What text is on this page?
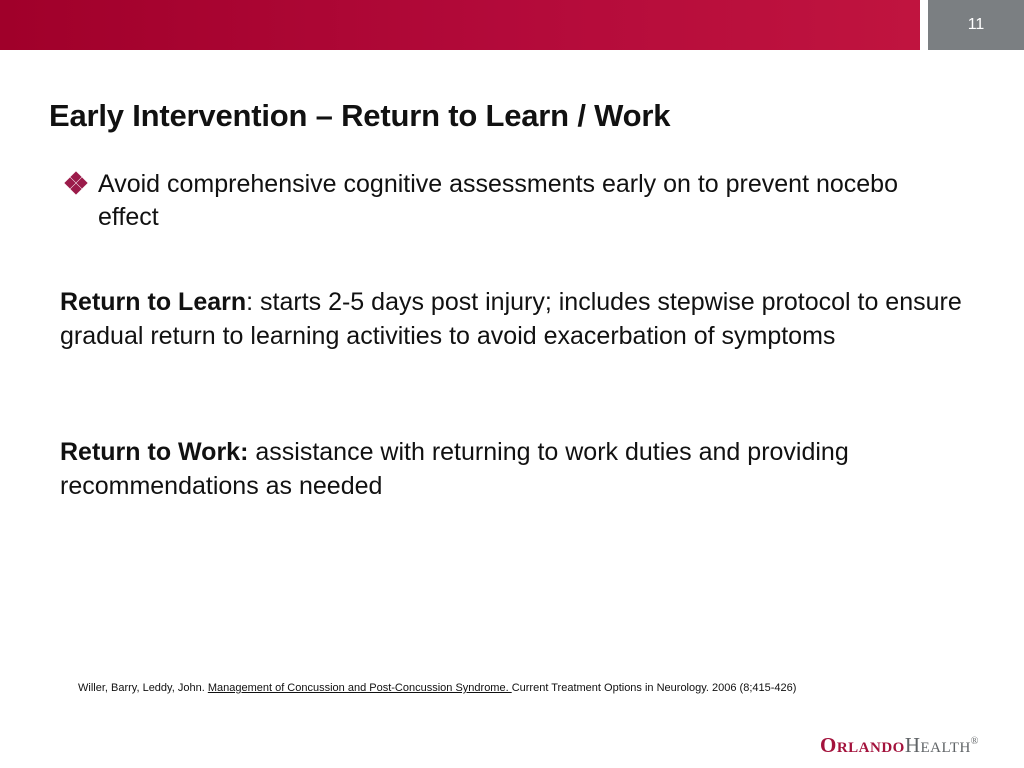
11
Early Intervention – Return to Learn / Work
Avoid comprehensive cognitive assessments early on to prevent nocebo effect

Return to Learn: starts 2-5 days post injury; includes stepwise protocol to ensure gradual return to learning activities to avoid exacerbation of symptoms

Return to Work: assistance with returning to work duties and providing recommendations as needed

Willer, Barry, Leddy, John. Management of Concussion and Post-Concussion Syndrome. Current Treatment Options in Neurology. 2006 (8;415-426)
OrlandoHealth®
